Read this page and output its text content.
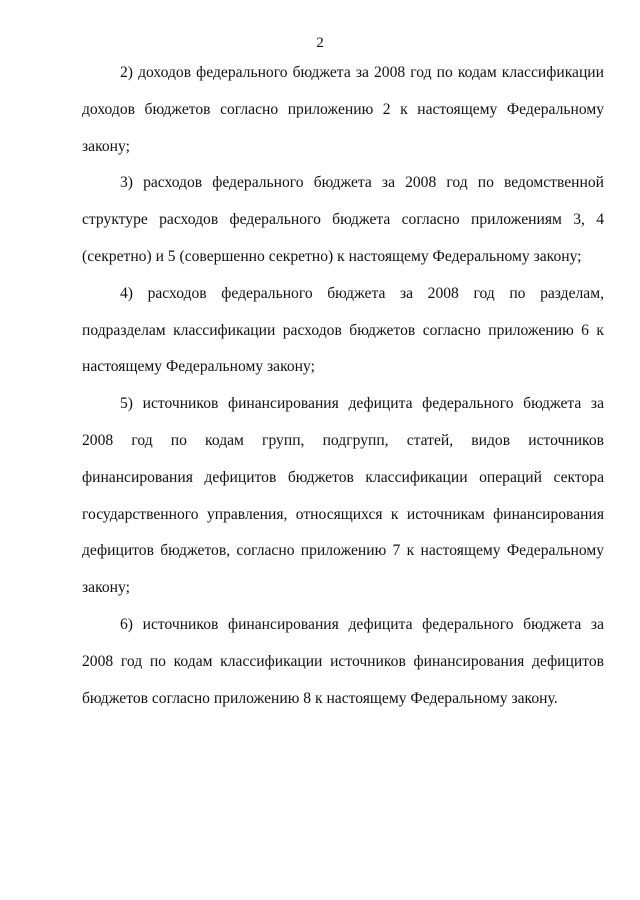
2

2) доходов федерального бюджета за 2008 год по кодам классификации доходов бюджетов согласно приложению 2 к настоящему Федеральному закону;

3) расходов федерального бюджета за 2008 год по ведомственной структуре расходов федерального бюджета согласно приложениям 3, 4 (секретно) и 5 (совершенно секретно) к настоящему Федеральному закону;

4) расходов федерального бюджета за 2008 год по разделам, подразделам классификации расходов бюджетов согласно приложению 6 к настоящему Федеральному закону;

5) источников финансирования дефицита федерального бюджета за 2008 год по кодам групп, подгрупп, статей, видов источников финансирования дефицитов бюджетов классификации операций сектора государственного управления, относящихся к источникам финансирования дефицитов бюджетов, согласно приложению 7 к настоящему Федеральному закону;

6) источников финансирования дефицита федерального бюджета за 2008 год по кодам классификации источников финансирования дефицитов бюджетов согласно приложению 8 к настоящему Федеральному закону.
